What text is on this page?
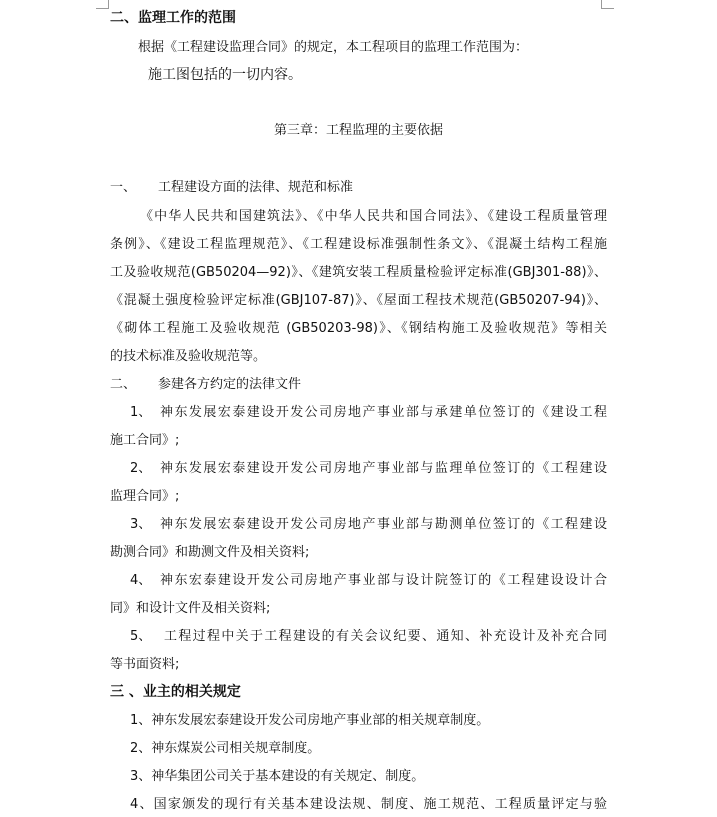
二、监理工作的范围
根据《工程建设监理合同》的规定，本工程项目的监理工作范围为：
施工图包括的一切内容。
第三章：工程监理的主要依据
一、	工程建设方面的法律、规范和标准
《中华人民共和国建筑法》、《中华人民共和国合同法》、《建设工程质量管理
条例》、《建设工程监理规范》、《工程建设标准强制性条文》、《混凝土结构工程施
工及验收规范(GB50204—92)》、《建筑安装工程质量检验评定标准(GBJ301-88)》、
《混凝土强度检验评定标准(GBJ107-87)》、《屋面工程技术规范(GB50207-94)》、
《砌体工程施工及验收规范 (GB50203-98)》、《钢结构施工及验收规范》等相关
的技术标准及验收规范等。
二、	参建各方约定的法律文件
1、 神东发展宏泰建设开发公司房地产事业部与承建单位签订的《建设工程
施工合同》;
2、 神东发展宏泰建设开发公司房地产事业部与监理单位签订的《工程建设
监理合同》;
3、 神东发展宏泰建设开发公司房地产事业部与勘测单位签订的《工程建设
勘测合同》和勘测文件及相关资料;
4、 神东宏泰建设开发公司房地产事业部与设计院签订的《工程建设设计合
同》和设计文件及相关资料;
5、 工程过程中关于工程建设的有关会议纪要、通知、补充设计及补充合同
等书面资料;
三 、业主的相关规定
1、神东发展宏泰建设开发公司房地产事业部的相关规章制度。
2、神东煤炭公司相关规章制度。
3、神华集团公司关于基本建设的有关规定、制度。
4、国家颁发的现行有关基本建设法规、制度、施工规范、工程质量评定与验
